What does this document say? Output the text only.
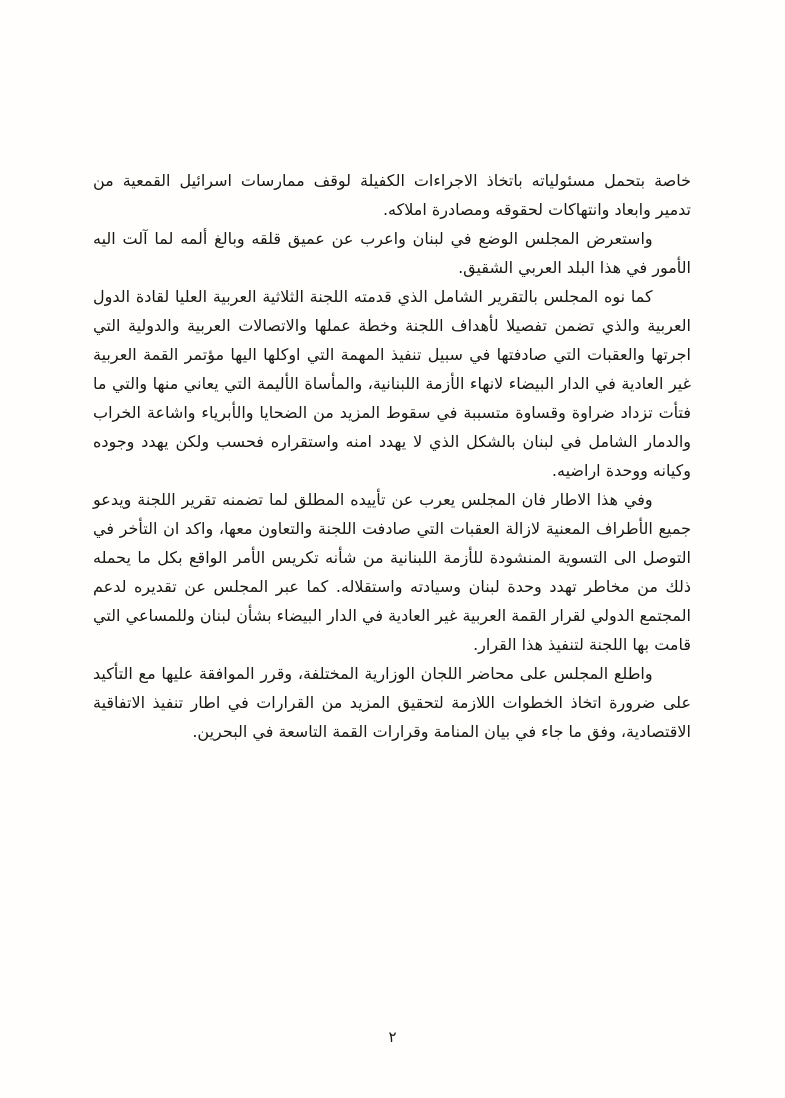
خاصة بتحمل مسئولياته باتخاذ الاجراءات الكفيلة لوقف ممارسات اسرائيل القمعية من تدمير وابعاد وانتهاكات لحقوقه ومصادرة املاكه.

واستعرض المجلس الوضع في لبنان واعرب عن عميق قلقه وبالغ ألمه لما آلت اليه الأمور في هذا البلد العربي الشقيق.

كما نوه المجلس بالتقرير الشامل الذي قدمته اللجنة الثلاثية العربية العليا لقادة الدول العربية والذي تضمن تفصيلا لأهداف اللجنة وخطة عملها والاتصالات العربية والدولية التي اجرتها والعقبات التي صادفتها في سبيل تنفيذ المهمة التي اوكلها اليها مؤتمر القمة العربية غير العادية في الدار البيضاء لانهاء الأزمة اللبنانية، والمأساة الأليمة التي يعاني منها والتي ما فتأت تزداد ضراوة وقساوة متسببة في سقوط المزيد من الضحايا والأبرياء واشاعة الخراب والدمار الشامل في لبنان بالشكل الذي لا يهدد امنه واستقراره فحسب ولكن يهدد وجوده وكيانه ووحدة اراضيه.

وفي هذا الاطار فان المجلس يعرب عن تأييده المطلق لما تضمنه تقرير اللجنة ويدعو جميع الأطراف المعنية لازالة العقبات التي صادفت اللجنة والتعاون معها، واكد ان التأخر في التوصل الى التسوية المنشودة للأزمة اللبنانية من شأنه تكريس الأمر الواقع بكل ما يحمله ذلك من مخاطر تهدد وحدة لبنان وسيادته واستقلاله. كما عبر المجلس عن تقديره لدعم المجتمع الدولي لقرار القمة العربية غير العادية في الدار البيضاء بشأن لبنان وللمساعي التي قامت بها اللجنة لتنفيذ هذا القرار.

واطلع المجلس على محاضر اللجان الوزارية المختلفة، وقرر الموافقة عليها مع التأكيد على ضرورة اتخاذ الخطوات اللازمة لتحقيق المزيد من القرارات في اطار تنفيذ الاتفاقية الاقتصادية، وفق ما جاء في بيان المنامة وقرارات القمة التاسعة في البحرين.

٢
